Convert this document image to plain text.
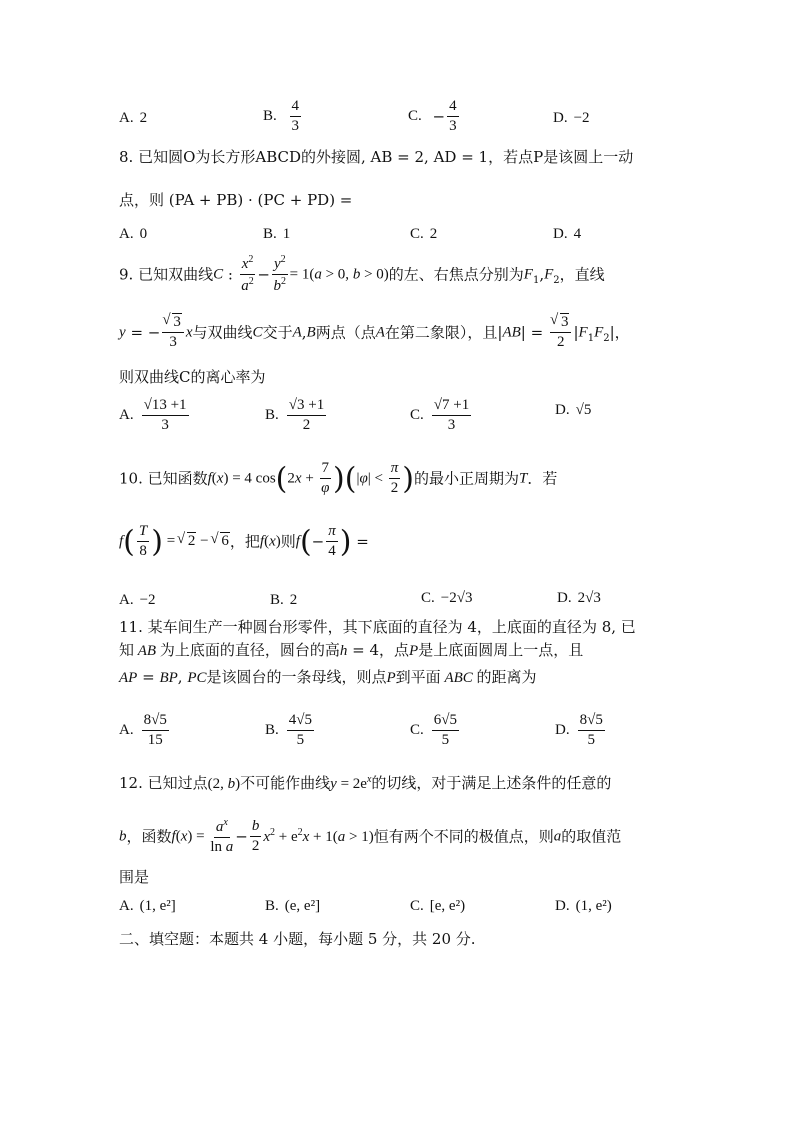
A. 2	B. $\frac{4}{3}$	C. − $\frac{4}{3}$	D. −2
8. 已知圆O为长方形ABCD的外接圆, AB = 2, AD = 1，若点P是该圆上一动
点，则 (PA + PB) · (PC + PD) =
A. 0	B. 1	C. 2	D. 4
9. 已知双曲线C : $\frac{x^2}{a^2} - \frac{y^2}{b^2} = 1(a > 0$, b > 0)的左、右焦点分别为$F_1,F_2$，直线
y = − √ $\frac{3}{3}$ x与双曲线C交于A,B两点（点A在第二象限），且|AB| = √ $\frac{3}{2} |F_1F_2|$，
则双曲线C的离心率为
A. $\frac{√13 +1}{3}$	B. $\frac{√3 +1}{2}$	C. $\frac{√7 +1}{3}$	D. √5
10. 已知函数f(x) = 4 $\cos(2x + \frac{7}{\varphi} )(|\varphi| < \frac{\pi}{2}$ )的最小正周期为T．若
$f( \frac{T}{8}$ ) = √ 2 − √ 6，把f(x)则$f(- \frac{\pi}{4}$ ) =
A. −2	B. 2	C. −2√3	D. 2√3
11. 某车间生产一种圆台形零件，其下底面的直径为 4，上底面的直径为 8, 已
知 AB 为上底面的直径，圆台的高h = 4，点P是上底面圆周上一点，且
AP = BP, PC是该圆台的一条母线，则点P到平面 ABC 的距离为
A. $\frac{8√5}{15}$	B. $\frac{4√5}{5}$	C. $\frac{6√5}{5}$	D. $\frac{8√5}{5}$
12. 已知过点(2, b)不可能作曲线$y = 2e^x$的切线，对于满足上述条件的任意的
b，函数$f(x) = \frac{a^x}{\text{ln a}} - \frac{b}{2} x^2 + e^2x + 1(a > 1)$恒有两个不同的极值点，则a的取值范
围是
A. (1, e²]	B. (e, e²]	C. [e, e²)	D. (1, e²)
二、填空题：本题共 4 小题，每小题 5 分，共 20 分.
